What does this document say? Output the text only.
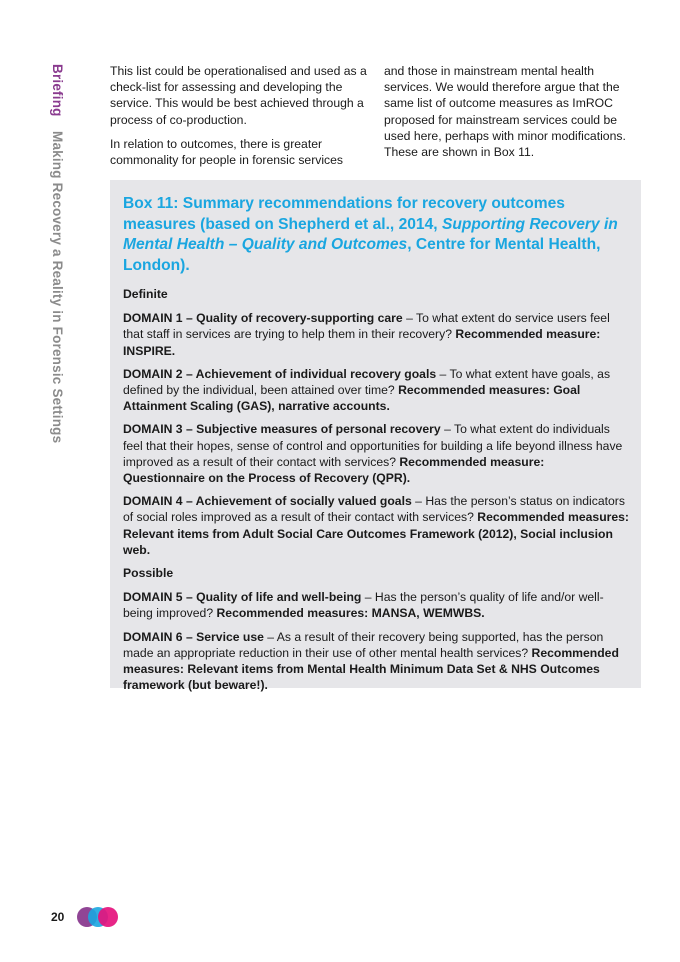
Briefing Making Recovery a Reality in Forensic Settings

This list could be operationalised and used as a check-list for assessing and developing the service. This would be best achieved through a process of co-production.

In relation to outcomes, there is greater commonality for people in forensic services

and those in mainstream mental health services. We would therefore argue that the same list of outcome measures as ImROC proposed for mainstream services could be used here, perhaps with minor modifications. These are shown in Box 11.

Box 11: Summary recommendations for recovery outcomes measures (based on Shepherd et al., 2014, Supporting Recovery in Mental Health – Quality and Outcomes, Centre for Mental Health, London).

Definite

DOMAIN 1 – Quality of recovery-supporting care – To what extent do service users feel that staff in services are trying to help them in their recovery? Recommended measure: INSPIRE.

DOMAIN 2 – Achievement of individual recovery goals – To what extent have goals, as defined by the individual, been attained over time? Recommended measures: Goal Attainment Scaling (GAS), narrative accounts.

DOMAIN 3 – Subjective measures of personal recovery – To what extent do individuals feel that their hopes, sense of control and opportunities for building a life beyond illness have improved as a result of their contact with services? Recommended measure: Questionnaire on the Process of Recovery (QPR).

DOMAIN 4 – Achievement of socially valued goals – Has the person’s status on indicators of social roles improved as a result of their contact with services? Recommended measures: Relevant items from Adult Social Care Outcomes Framework (2012), Social inclusion web.

Possible

DOMAIN 5 – Quality of life and well-being – Has the person’s quality of life and/or well-being improved? Recommended measures: MANSA, WEMWBS.

DOMAIN 6 – Service use – As a result of their recovery being supported, has the person made an appropriate reduction in their use of other mental health services? Recommended measures: Relevant items from Mental Health Minimum Data Set & NHS Outcomes framework (but beware!).

20
